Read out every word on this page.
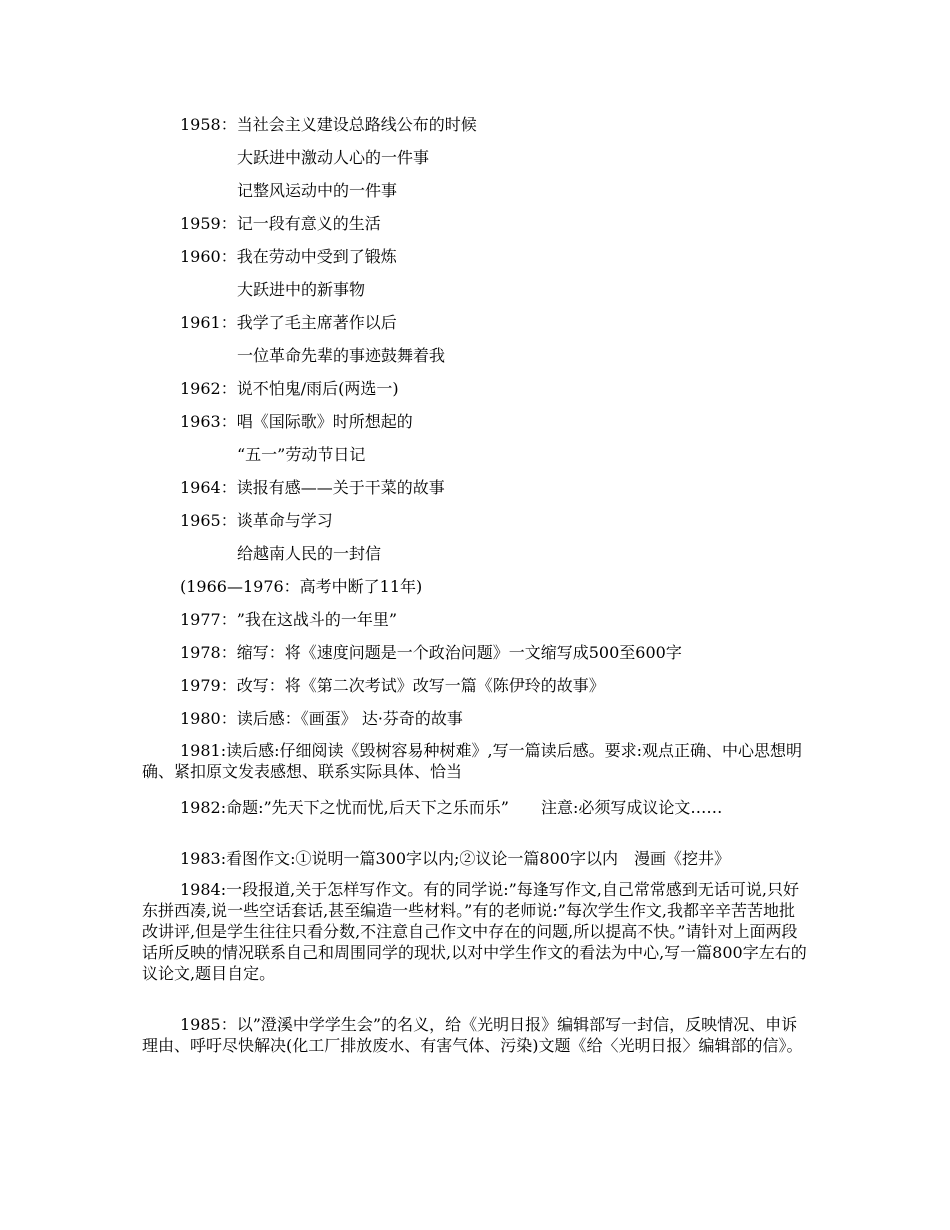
1958：当社会主义建设总路线公布的时候
大跃进中激动人心的一件事
记整风运动中的一件事
1959：记一段有意义的生活
1960：我在劳动中受到了锻炼
大跃进中的新事物
1961：我学了毛主席著作以后
一位革命先辈的事迹鼓舞着我
1962：说不怕鬼/雨后(两选一)
1963：唱《国际歌》时所想起的
“五一”劳动节日记
1964：读报有感——关于干菜的故事
1965：谈革命与学习
给越南人民的一封信
(1966—1976：高考中断了11年)
1977：”我在这战斗的一年里”
1978：缩写：将《速度问题是一个政治问题》一文缩写成500至600字
1979：改写：将《第二次考试》改写一篇《陈伊玲的故事》
1980：读后感：《画蛋》 达·芬奇的故事
1981:读后感:仔细阅读《毁树容易种树难》,写一篇读后感。要求:观点正确、中心思想明确、紧扣原文发表感想、联系实际具体、恰当
1982:命题:”先天下之忧而忧,后天下之乐而乐”　　注意:必须写成议论文……
1983:看图作文:①说明一篇300字以内;②议论一篇800字以内　漫画《挖井》
1984:一段报道,关于怎样写作文。有的同学说:”每逢写作文,自己常常感到无话可说,只好东拼西凑,说一些空话套话,甚至编造一些材料。”有的老师说:”每次学生作文,我都辛辛苦苦地批改讲评,但是学生往往只看分数,不注意自己作文中存在的问题,所以提高不快。”请针对上面两段话所反映的情况联系自己和周围同学的现状,以对中学生作文的看法为中心,写一篇800字左右的议论文,题目自定。
1985：以”澄溪中学学生会”的名义，给《光明日报》编辑部写一封信，反映情况、申诉理由、呼吁尽快解决(化工厂排放废水、有害气体、污染)文题《给〈光明日报〉编辑部的信》。
